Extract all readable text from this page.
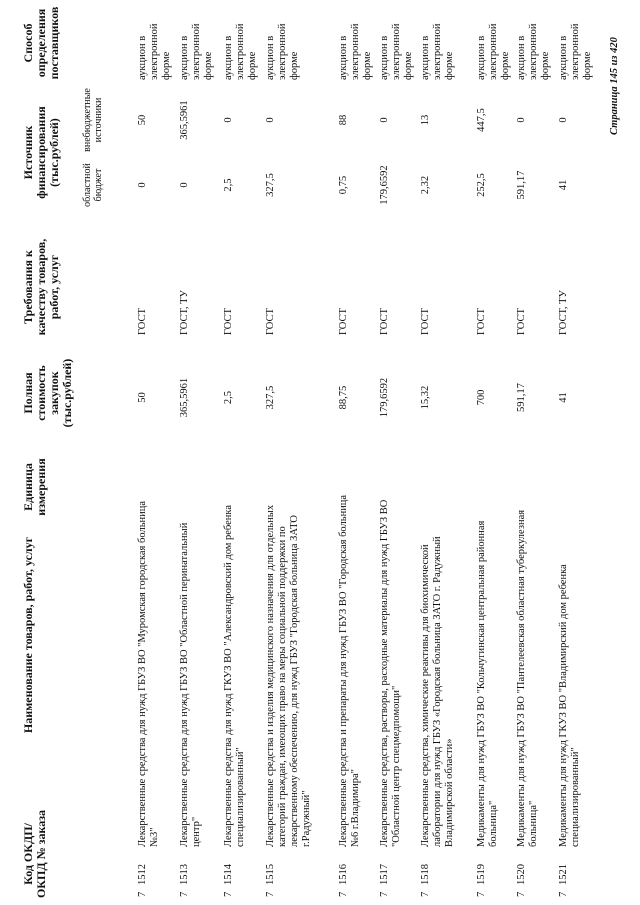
Код ОКДП/ ОКПД № заказа
Наименование товаров, работ, услуг
Единица измерения
Полная стоимость закупок (тыс.рублей)
Требования к качеству товаров, работ, услуг
Источник финансирования (тыс.рублей) областной бюджет
внебюджетные источники
Способ определения поставщиков
7
1512
Лекарственные средства для нужд ГБУЗ ВО "Муромская городская больница №3"
50
ГОСТ
0
50
аукцион в электронной форме
7
1513
Лекарственные средства для нужд ГБУЗ ВО "Областной перинатальный центр"
365,5961
ГОСТ, ТУ
0
365,5961
аукцион в электронной форме
7
1514
Лекарственные средства для нужд ГКУЗ ВО "Александровский дом ребенка специализированный"
2,5
ГОСТ
2,5
0
аукцион в электронной форме
7
1515
Лекарственные средства и изделия медицинского назначения для отдельных категорий граждан, имеющих право на меры социальной поддержки по лекарственному обеспечению, для нужд ГБУЗ "Городская больница ЗАТО г.Радужный"
327,5
ГОСТ
327,5
0
аукцион в электронной форме
7
1516
Лекарственные средства и препараты для нужд ГБУЗ ВО "Городская больница №6 г.Владимира"
88,75
ГОСТ
0,75
88
аукцион в электронной форме
7
1517
Лекарственные средства, растворы, расходные материалы для нужд ГБУЗ ВО "Областной центр спецмедпомощи"
179,6592
ГОСТ
179,6592
0
аукцион в электронной форме
7
1518
Лекарственные средства, химические реактивы для биохимической лаборатории для нужд ГБУЗ «Городская больница ЗАТО г. Радужный Владимирской области»
15,32
ГОСТ
2,32
13
аукцион в электронной форме
7
1519
Медикаменты для нужд ГБУЗ ВО "Кольчугинская центральная районная больница"
700
ГОСТ
252,5
447,5
аукцион в электронной форме
7
1520
Медикаменты для нужд ГБУЗ ВО "Пантелеевская областная туберкулезная больница"
591,17
ГОСТ
591,17
0
аукцион в электронной форме
7
1521
Медикаменты для нужд ГКУЗ ВО "Владимирский дом ребенка специализированный"
41
ГОСТ, ТУ
41
0
аукцион в электронной форме Страница 145 из 420
